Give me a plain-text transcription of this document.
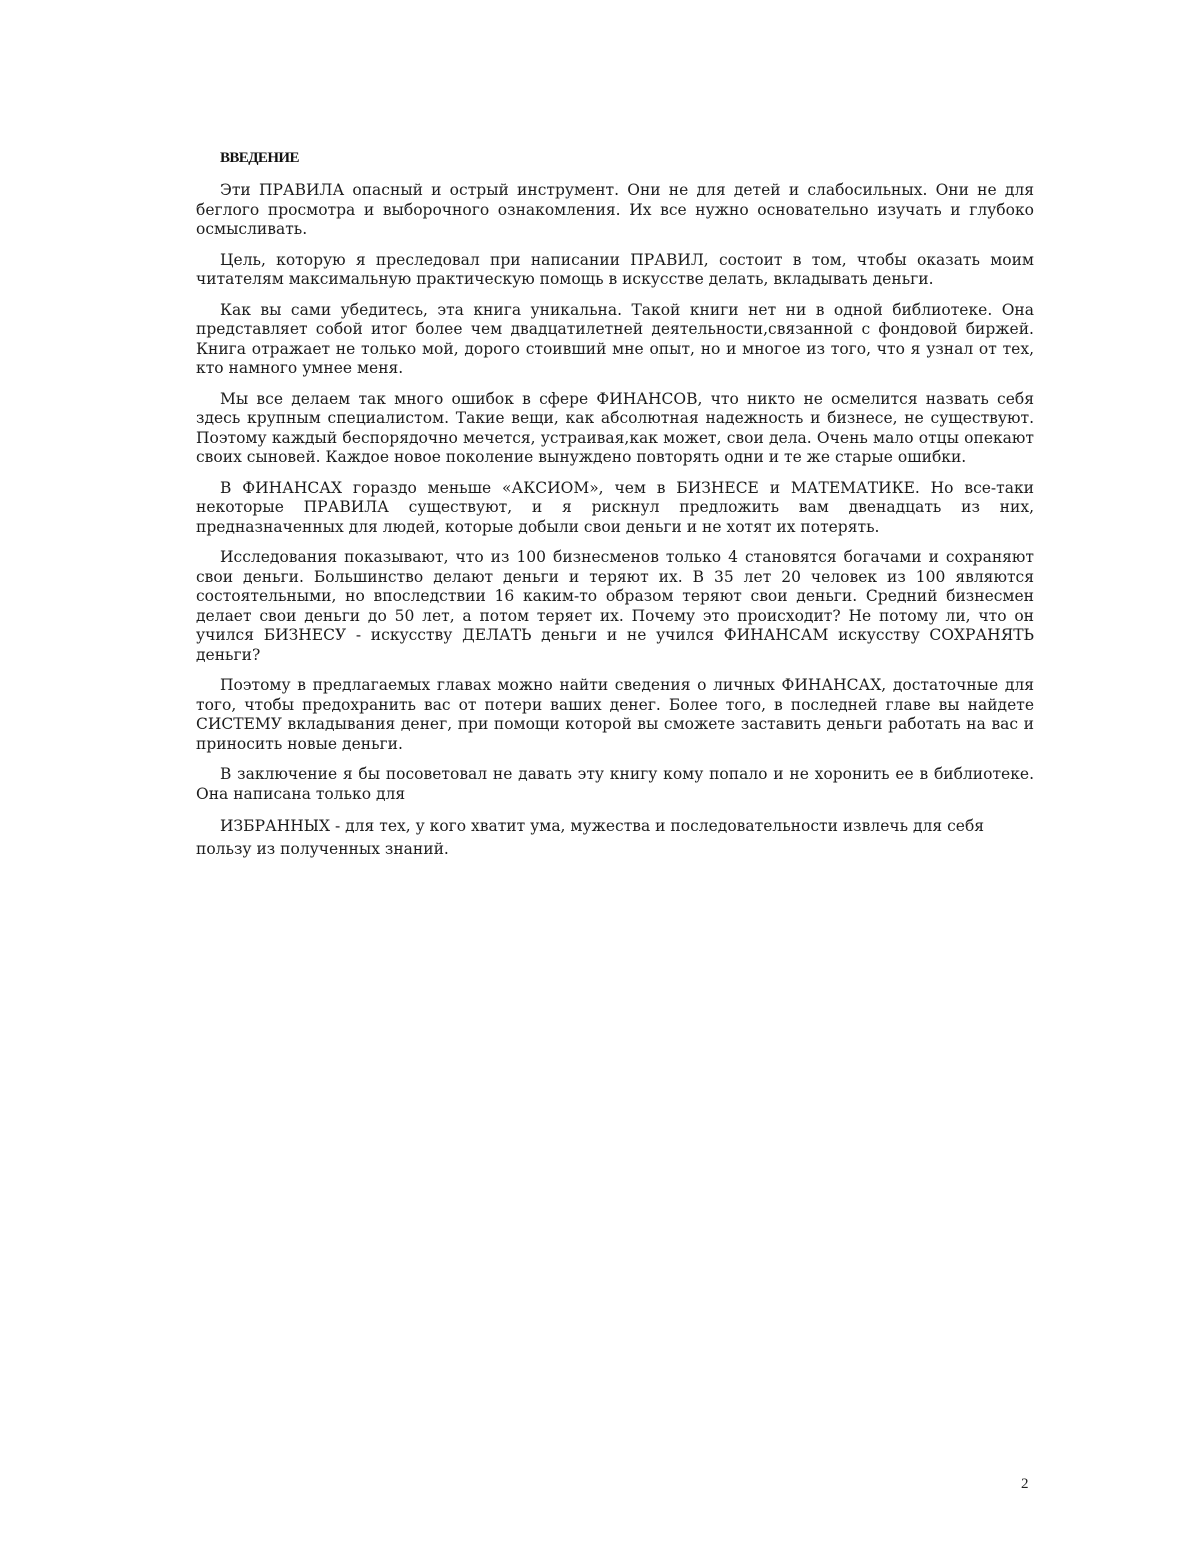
ВВЕДЕНИЕ

Эти ПРАВИЛА опасный и острый инструмент. Они не для детей и слабосильных. Они не для беглого просмотра и выборочного ознакомления. Их все нужно основательно изучать и глубоко осмысливать.

Цель, которую я преследовал при написании ПРАВИЛ, состоит в том, чтобы оказать моим читателям максимальную практическую помощь в искусстве делать, вкладывать деньги.

Как вы сами убедитесь, эта книга уникальна. Такой книги нет ни в одной библиотеке. Она представляет собой итог более чем двадцатилетней деятельности,связанной с фондовой биржей. Книга отражает не только мой, дорого стоивший мне опыт, но и многое из того, что я узнал от тех, кто намного умнее меня.

Мы все делаем так много ошибок в сфере ФИНАНСОВ, что никто не осмелится назвать себя здесь крупным специалистом. Такие вещи, как абсолютная надежность и бизнесе, не существуют. Поэтому каждый беспорядочно мечется, устраивая,как может, свои дела. Очень мало отцы опекают своих сыновей. Каждое новое поколение вынуждено повторять одни и те же старые ошибки.

В ФИНАНСАХ гораздо меньше «АКСИОМ», чем в БИЗНЕСЕ и МАТЕМАТИКЕ. Но все-таки некоторые ПРАВИЛА существуют, и я рискнул предложить вам двенадцать из них, предназначенных для людей, которые добыли свои деньги и не хотят их потерять.

Исследования показывают, что из 100 бизнесменов только 4 становятся богачами и сохраняют свои деньги. Большинство делают деньги и теряют их. В 35 лет 20 человек из 100 являются состоятельными, но впоследствии 16 каким-то образом теряют свои деньги. Средний бизнесмен делает свои деньги до 50 лет, а потом теряет их. Почему это происходит? Не потому ли, что он учился БИЗНЕСУ - искусству ДЕЛАТЬ деньги и не учился ФИНАНСАМ искусству СОХРАНЯТЬ деньги?

Поэтому в предлагаемых главах можно найти сведения о личных ФИНАНСАХ, достаточные для того, чтобы предохранить вас от потери ваших денег. Более того, в последней главе вы найдете СИСТЕМУ вкладывания денег, при помощи которой вы сможете заставить деньги работать на вас и приносить новые деньги.

В заключение я бы посоветовал не давать эту книгу кому попало и не хоронить ее в библиотеке. Она написана только для

ИЗБРАННЫХ - для тех, у кого хватит ума, мужества и последовательности извлечь для себя пользу из полученных знаний.

2
